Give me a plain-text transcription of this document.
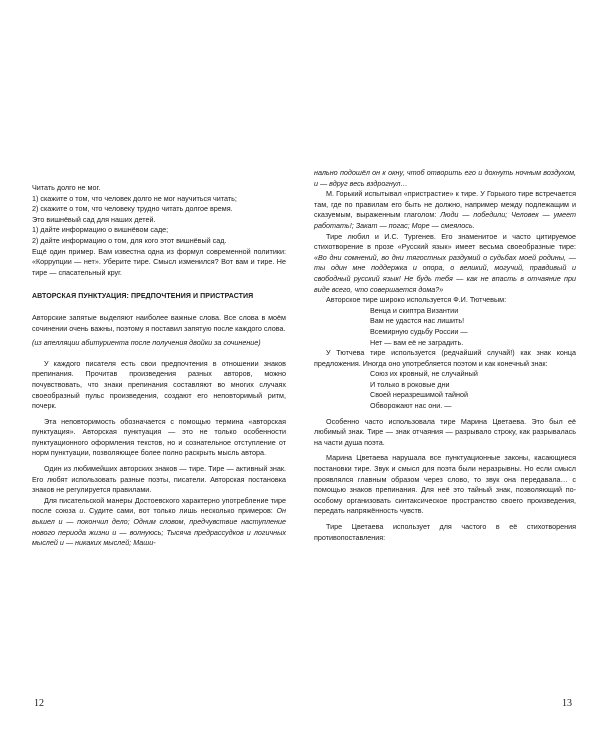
Читать долго не мог.

1) скажите о том, что человек долго не мог научиться читать;

2) скажите о том, что человеку трудно читать долгое время.

Это вишнёвый сад для наших детей.

1) дайте информацию о вишнёвом саде;

2) дайте информацию о том, для кого этот вишнёвый сад.

Ещё один пример. Вам известна одна из формул современной политики: «Коррупции — нет». Уберите тире. Смысл изменился? Вот вам и тире. Не тире — спасательный круг.

АВТОРСКАЯ ПУНКТУАЦИЯ: ПРЕДПОЧТЕНИЯ И ПРИСТРАСТИЯ

Авторские запятые выделяют наиболее важные слова. Все слова в моём сочинении очень важны, поэтому я поставил запятую после каждого слова.

(из апелляции абитуриента после получения двойки за сочинение)

У каждого писателя есть свои предпочтения в отношении знаков препинания. Прочитав произведения разных авторов, можно почувствовать, что знаки препинания составляют во многих случаях своеобразный пульс произведения, создают его неповторимый ритм, почерк.

Эта неповторимость обозначается с помощью термина «авторская пунктуация». Авторская пунктуация — это не только особенности пунктуационного оформления текстов, но и сознательное отступление от норм пунктуации, позволяющее более полно раскрыть мысль автора.

Один из любимейших авторских знаков — тире. Тире — активный знак. Его любят использовать разные поэты, писатели. Авторская постановка знаков не регулируется правилами.

Для писательской манеры Достоевского характерно употребление тире после союза и. Судите сами, вот только лишь несколько примеров: Он вышел и — покончил дело; Одним словом, предчувствие наступление нового периода жизни и — волнуюсь; Тысяча предрассудков и логичных мыслей и — никаких мыслей; Маши-

12

нально подошёл он к окну, чтоб отворить его и дохнуть ночным воздухом, и — вдруг весь вздрогнул…

М. Горький испытывал «пристрастие» к тире. У Горького тире встречается там, где по правилам его быть не должно, например между подлежащим и сказуемым, выраженным глаголом: Люди — победили; Человек — умеет работать!; Закат — погас; Море — смеялось.

Тире любил и И.С. Тургенев. Его знаменитое и часто цитируемое стихотворение в прозе «Русский язык» имеет весьма своеобразные тире: «Во дни сомнений, во дни тягостных раздумий о судьбах моей родины, — ты один мне поддержка и опора, о великий, могучий, правдивый и свободный русский язык! Не будь тебя — как не впасть в отчаяние при виде всего, что совершается дома?»

Авторское тире широко используется Ф.И. Тютчевым:

Венца и скиптра Византии

Вам не удастся нас лишить!

Всемирную судьбу России —

Нет — вам её не заградить.

У Тютчева тире используется (редчайший случай!) как знак конца предложения. Иногда оно употребляется поэтом и как конечный знак:

Союз их кровный, не случайный

И только в роковые дни

Своей неразрешимой тайной

Обворожают нас они. —

Особенно часто использовала тире Марина Цветаева. Это был её любимый знак. Тире — знак отчаяния — разрывало строку, как разрывалась на части душа поэта.

Марина Цветаева нарушала все пунктуационные законы, касающиеся постановки тире. Звук и смысл для поэта были неразрывны. Но если смысл проявлялся главным образом через слово, то звук она передавала… с помощью знаков препинания. Для неё это тайный знак, позволяющий по-особому организовать синтаксическое пространство своего произведения, передать напряжённость чувств.

Тире Цветаева использует для частого в её стихотворения противопоставления:

13
